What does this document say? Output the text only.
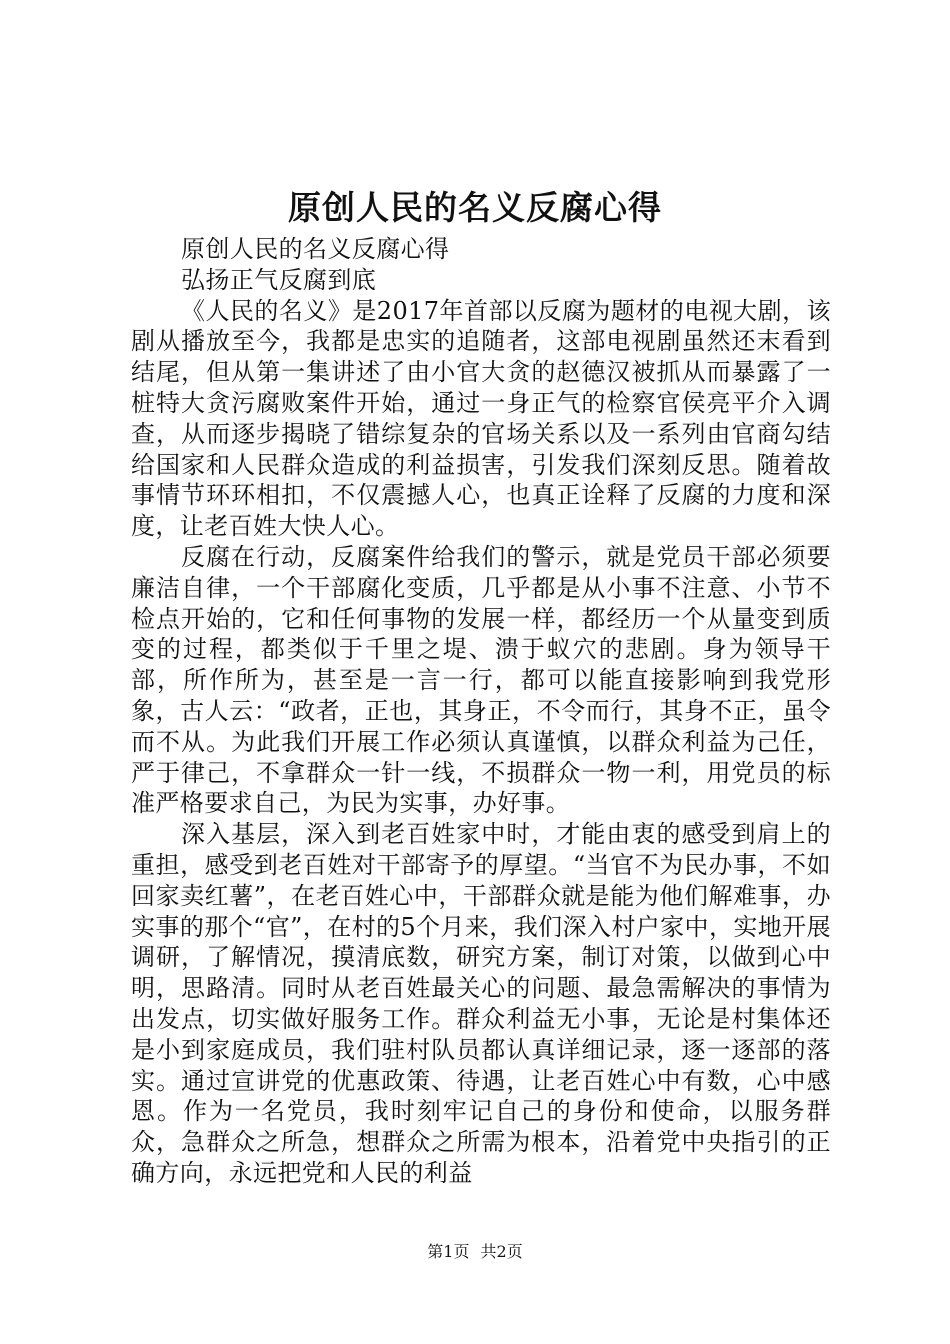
原创人民的名义反腐心得

原创人民的名义反腐心得

弘扬正气反腐到底

《人民的名义》是2017年首部以反腐为题材的电视大剧，该剧从播放至今，我都是忠实的追随者，这部电视剧虽然还末看到结尾，但从第一集讲述了由小官大贪的赵德汉被抓从而暴露了一桩特大贪污腐败案件开始，通过一身正气的检察官侯亮平介入调查，从而逐步揭晓了错综复杂的官场关系以及一系列由官商勾结给国家和人民群众造成的利益损害，引发我们深刻反思。随着故事情节环环相扣，不仅震撼人心，也真正诠释了反腐的力度和深度，让老百姓大快人心。

反腐在行动，反腐案件给我们的警示，就是党员干部必须要廉洁自律，一个干部腐化变质，几乎都是从小事不注意、小节不检点开始的，它和任何事物的发展一样，都经历一个从量变到质变的过程，都类似于千里之堤、溃于蚁穴的悲剧。身为领导干部，所作所为，甚至是一言一行，都可以能直接影响到我党形象，古人云：“政者，正也，其身正，不令而行，其身不正，虽令而不从。为此我们开展工作必须认真谨慎，以群众利益为己任，严于律己，不拿群众一针一线，不损群众一物一利，用党员的标准严格要求自己，为民为实事，办好事。

深入基层，深入到老百姓家中时，才能由衷的感受到肩上的重担，感受到老百姓对干部寄予的厚望。“当官不为民办事，不如回家卖红薯”，在老百姓心中，干部群众就是能为他们解难事，办实事的那个“官”，在村的5个月来，我们深入村户家中，实地开展调研，了解情况，摸清底数，研究方案，制订对策，以做到心中明，思路清。同时从老百姓最关心的问题、最急需解决的事情为出发点，切实做好服务工作。群众利益无小事，无论是村集体还是小到家庭成员，我们驻村队员都认真详细记录，逐一逐部的落实。通过宣讲党的优惠政策、待遇，让老百姓心中有数，心中感恩。作为一名党员，我时刻牢记自己的身份和使命，以服务群众，急群众之所急，想群众之所需为根本，沿着党中央指引的正确方向，永远把党和人民的利益

第1页 共2页
